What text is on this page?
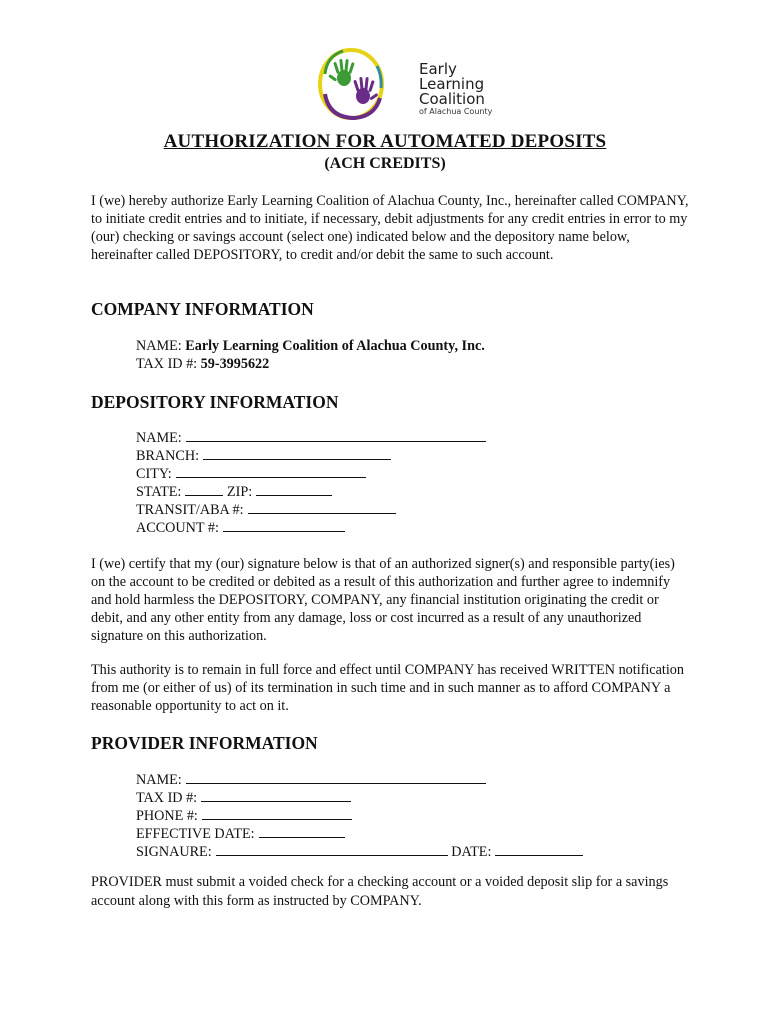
Early
Learning
Coalition
of Alachua County
AUTHORIZATION FOR AUTOMATED DEPOSITS
(ACH CREDITS)
I (we) hereby authorize Early Learning Coalition of Alachua County, Inc., hereinafter called COMPANY, to initiate credit entries and to initiate, if necessary, debit adjustments for any credit entries in error to my (our) checking or savings account (select one) indicated below and the depository name below, hereinafter called DEPOSITORY, to credit and/or debit the same to such account.
COMPANY INFORMATION
NAME: Early Learning Coalition of Alachua County, Inc.
TAX ID #: 59-3995622
DEPOSITORY INFORMATION
NAME:
BRANCH:
CITY:
STATE:	ZIP:
TRANSIT/ABA #:
ACCOUNT #:
I (we) certify that my (our) signature below is that of an authorized signer(s) and responsible party(ies) on the account to be credited or debited as a result of this authorization and further agree to indemnify and hold harmless the DEPOSITORY, COMPANY, any financial institution originating the credit or debit, and any other entity from any damage, loss or cost incurred as a result of any unauthorized signature on this authorization.
This authority is to remain in full force and effect until COMPANY has received WRITTEN notification from me (or either of us) of its termination in such time and in such manner as to afford COMPANY a reasonable opportunity to act on it.
PROVIDER INFORMATION
NAME:
TAX ID #:
PHONE #:
EFFECTIVE DATE:
SIGNAURE:	DATE:
PROVIDER must submit a voided check for a checking account or a voided deposit slip for a savings account along with this form as instructed by COMPANY.
